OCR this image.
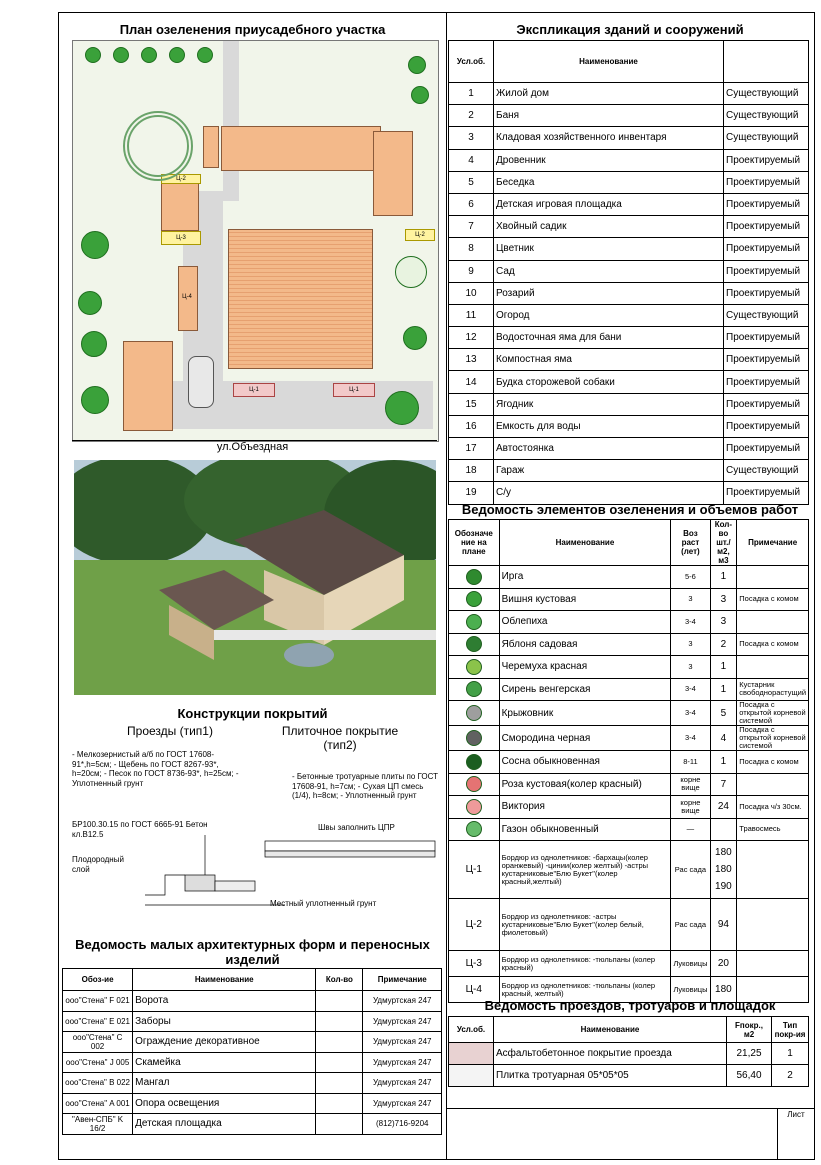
План озеленения приусадебного участка
Ц-1	Ц-1
Ц-2
Ц-2
Ц-3
Ц-4
ул.Объездная
Конструкции покрытий
Проезды (тип1)	Плиточное покрытие (тип2)
- Мелкозернистый а/б по ГОСТ 17608-91*,h=5см; - Щебень по ГОСТ 8267-93*, h=20см; - Песок по ГОСТ 8736-93*, h=25см; - Уплотненный грунт
БР100.30.15 по ГОСТ 6665-91 Бетон кл.В12.5
Плодородный слой
- Бетонные тротуарные плиты по ГОСТ 17608-91, h=7см; - Сухая ЦП смесь (1/4), h=8см; - Уплотненный грунт
Швы заполнить ЦПР
Местный уплотненный грунт
Ведомость малых архитектурных форм и переносных изделий
Обоз-ие	Наименование	Кол-во	Примечание
ооо"Стена" F 021	Ворота		Удмуртская 247
ооо"Стена" E 021	Заборы		Удмуртская 247
ооо"Стена" C 002	Ограждение декоративное		Удмуртская 247
ооо"Стена" J 005	Скамейка		Удмуртская 247
ооо"Стена" B 022	Мангал		Удмуртская 247
ооо"Стена" A 001	Опора освещения		Удмуртская 247
"Авен-СПБ" K 16/2	Детская площадка		(812)716-9204
Экспликация зданий и сооружений
Усл.об.	Наименование	
1	Жилой дом	Существующий
2	Баня	Существующий
3	Кладовая хозяйственного инвентаря	Существующий
4	Дровенник	Проектируемый
5	Беседка	Проектируемый
6	Детская игровая площадка	Проектируемый
7	Хвойный садик	Проектируемый
8	Цветник	Проектируемый
9	Сад	Проектируемый
10	Розарий	Проектируемый
11	Огород	Существующий
12	Водосточная яма для бани	Проектируемый
13	Компостная яма	Проектируемый
14	Будка сторожевой собаки	Проектируемый
15	Ягодник	Проектируемый
16	Емкость для воды	Проектируемый
17	Автостоянка	Проектируемый
18	Гараж	Существующий
19	С/у	Проектируемый
Ведомость элементов озеленения и объемов работ
Обозначе ние на плане	Наименование	Воз раст (лет)	Кол-во шт./м2, м3	Примечание
	Ирга	5-6	1	
	Вишня кустовая	3	3	Посадка с комом
	Облепиха	3-4	3	
	Яблоня садовая	3	2	Посадка с комом
	Черемуха красная	3	1	
	Сирень венгерская	3-4	1	Кустарник свободнорастущий
	Крыжовник	3-4	5	Посадка с открытой корневой системой
	Смородина черная	3-4	4	Посадка с открытой корневой системой
	Сосна обыкновенная	8-11	1	Посадка с комом
	Роза кустовая(колер красный)	корне вище	7	
	Виктория	корне вище	24	Посадка ч/з 30см.
	Газон обыкновенный	—		Травосмесь
Ц-1	Бордюр из однолетников: -бархацы(колер оранжевый) -цинии(колер желтый) -астры кустарниковые"Блю Букет"(колер красный,желтый)	Рас сада	180 180 190	
Ц-2	Бордюр из однолетников: -астры кустарниковые"Блю Букет"(колер белый, фиолетовый)	Рас сада	94	
Ц-3	Бордюр из однолетников: -тюльпаны (колер красный)	Луковицы	20	
Ц-4	Бордюр из однолетников: -тюльпаны (колер красный, желтый)	Луковицы	180	
Ведомость проездов, тротуаров и площадок
Усл.об.	Наименование	Fпокр., м2	Тип покр-ия
	Асфальтобетонное покрытие проезда	21,25	1
	Плитка тротуарная 05*05*05	56,40	2
Лист
